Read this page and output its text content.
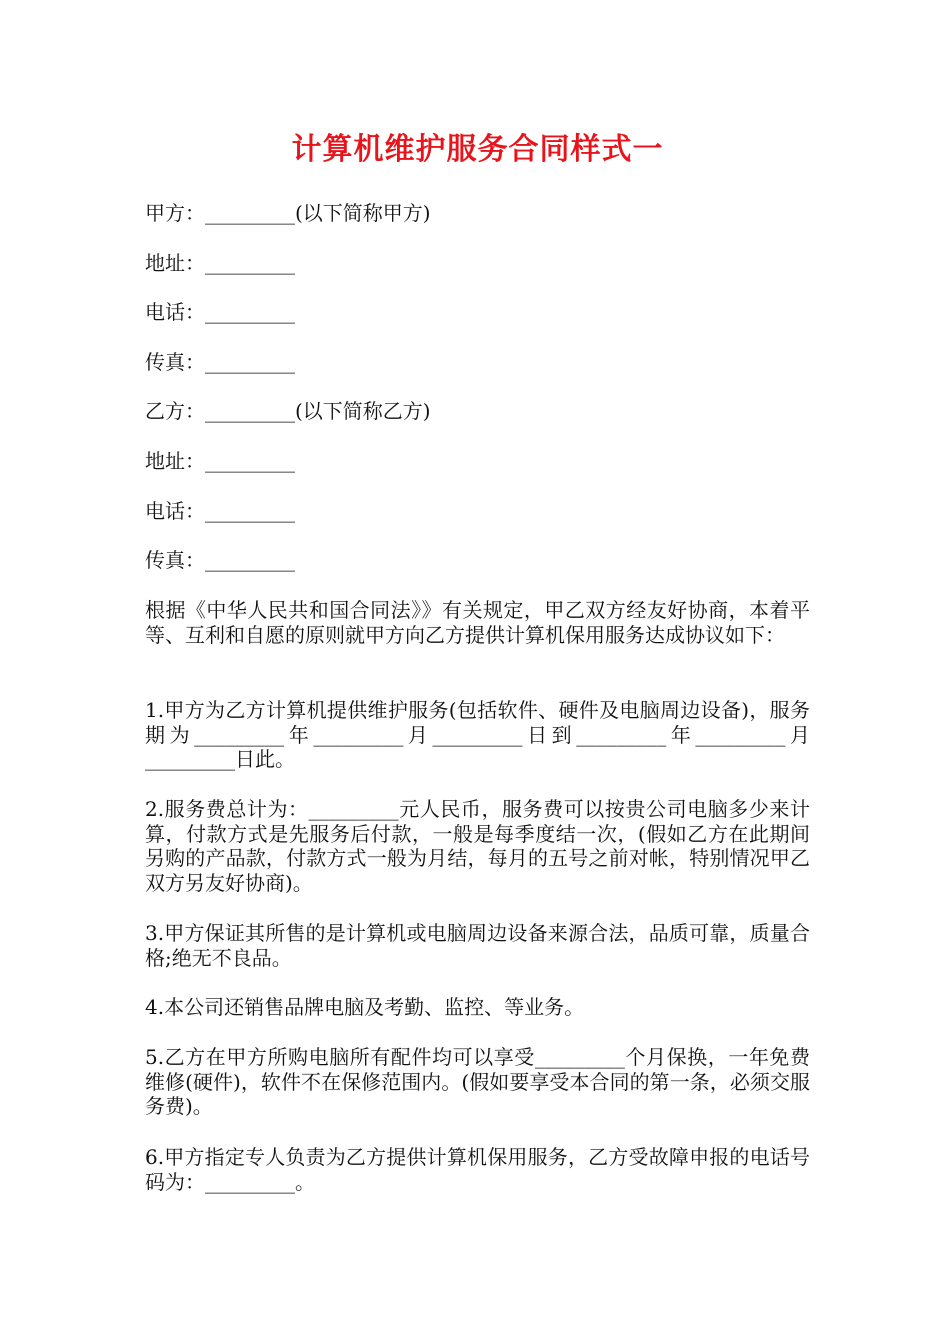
计算机维护服务合同样式一
甲方：_________(以下简称甲方)
地址：_________
电话：_________
传真：_________
乙方：_________(以下简称乙方)
地址：_________
电话：_________
传真：_________
根据《中华人民共和国合同法》》有关规定，甲乙双方经友好协商，本着平等、互利和自愿的原则就甲方向乙方提供计算机保用服务达成协议如下：
1.甲方为乙方计算机提供维护服务(包括软件、硬件及电脑周边设备)，服务期为_________年_________月_________日到_________年_________月_________日此。
2.服务费总计为：_________元人民币，服务费可以按贵公司电脑多少来计算，付款方式是先服务后付款，一般是每季度结一次，(假如乙方在此期间另购的产品款，付款方式一般为月结，每月的五号之前对帐，特别情况甲乙双方另友好协商)。
3.甲方保证其所售的是计算机或电脑周边设备来源合法，品质可靠，质量合格;绝无不良品。
4.本公司还销售品牌电脑及考勤、监控、等业务。
5.乙方在甲方所购电脑所有配件均可以享受_________个月保换，一年免费维修(硬件)，软件不在保修范围内。(假如要享受本合同的第一条，必须交服务费)。
6.甲方指定专人负责为乙方提供计算机保用服务，乙方受故障申报的电话号码为：_________。
